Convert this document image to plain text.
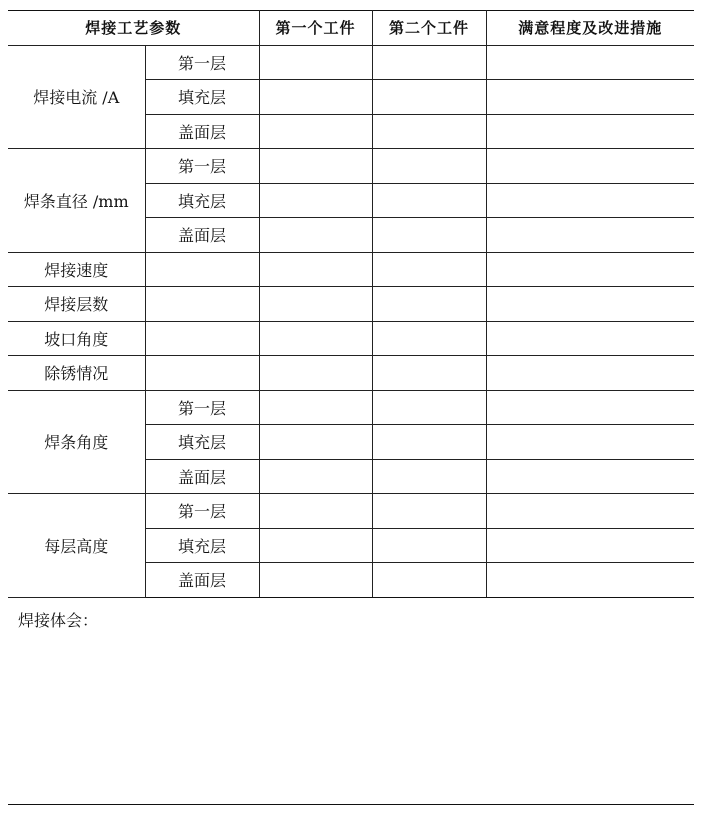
焊接工艺参数		第一个工件	第二个工件	满意程度及改进措施
焊接电流 /A	第一层			
	填充层			
	盖面层			
焊条直径 /mm	第一层			
	填充层			
	盖面层			
焊接速度				
焊接层数				
坡口角度				
除锈情况				
焊条角度	第一层			
	填充层			
	盖面层			
每层高度	第一层			
	填充层			
	盖面层			
焊接体会：
